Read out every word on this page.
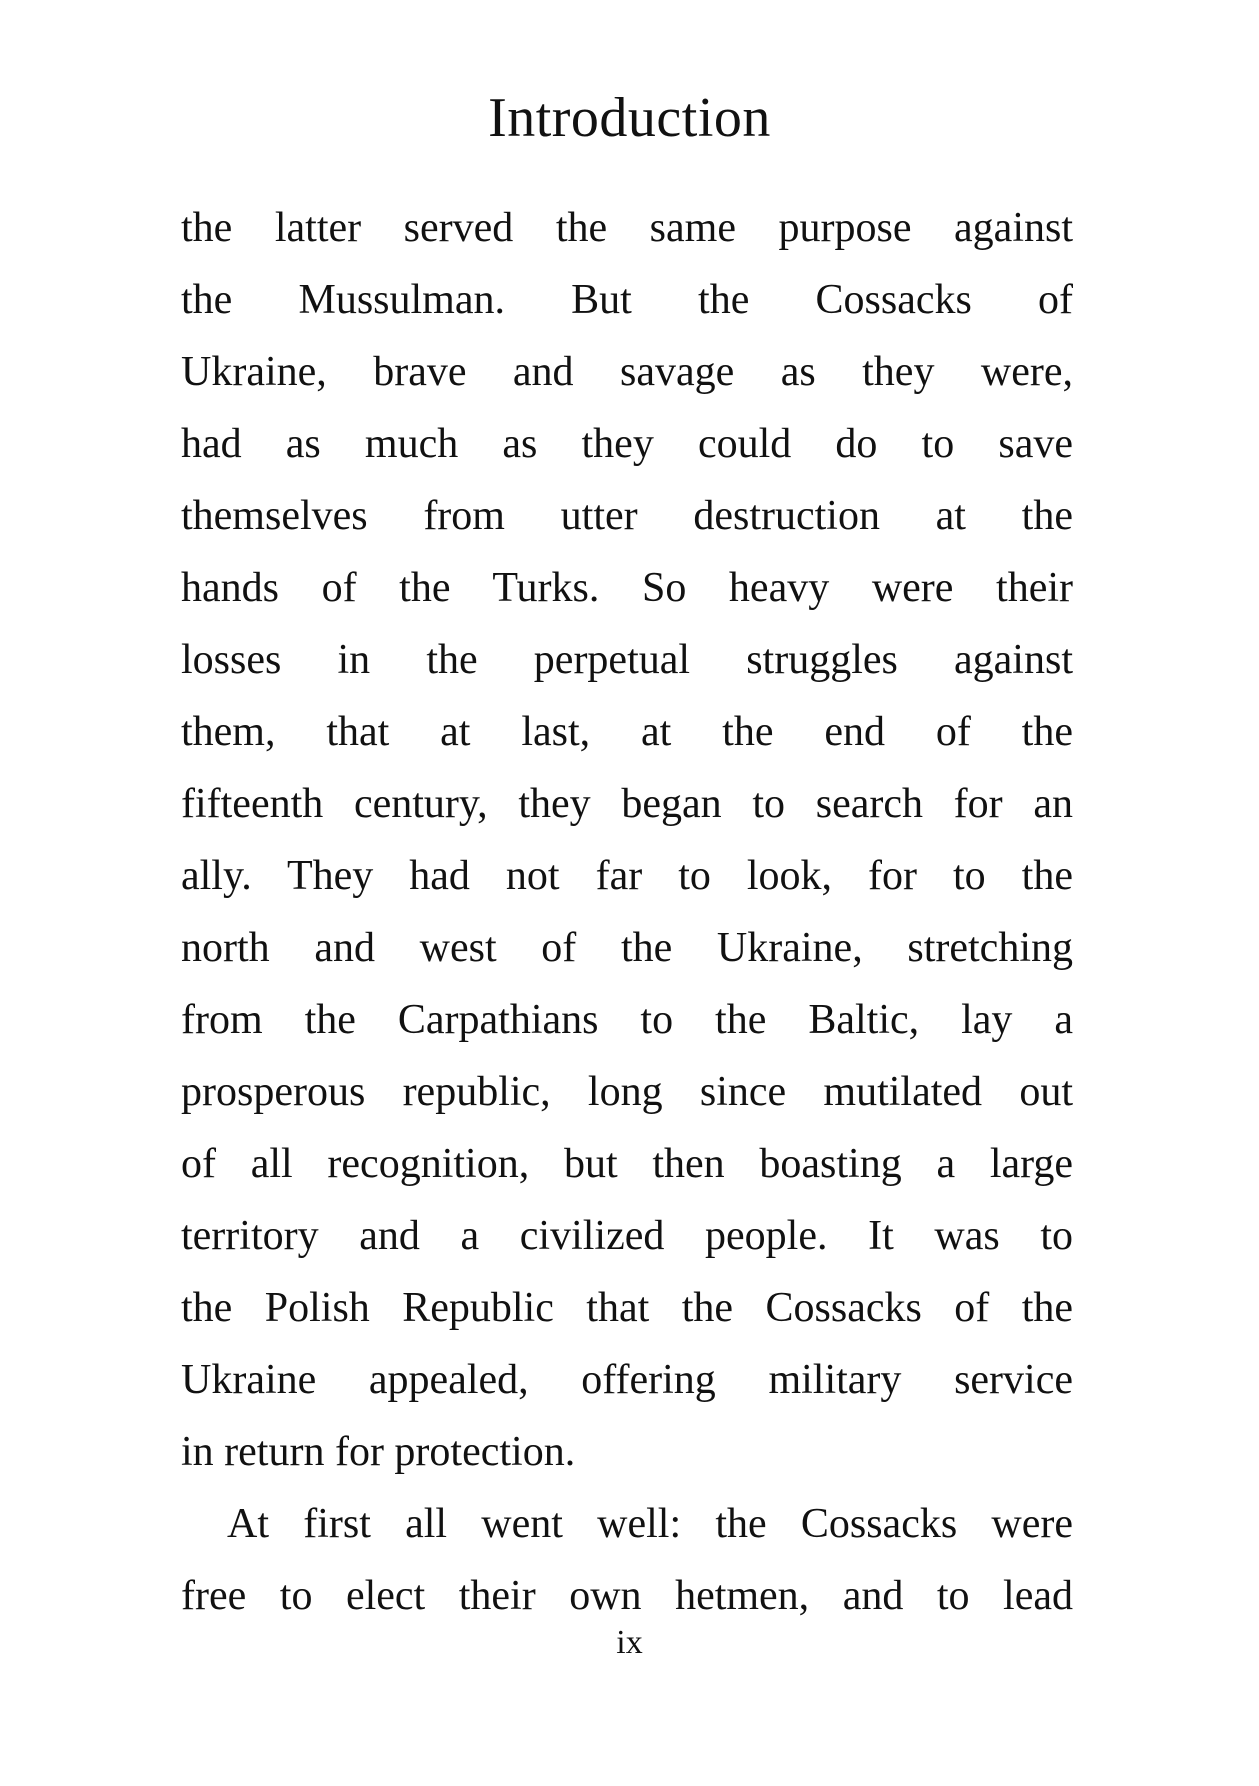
Introduction
the latter served the same purpose against
the Mussulman. But the Cossacks of
Ukraine, brave and savage as they were,
had as much as they could do to save
themselves from utter destruction at the
hands of the Turks. So heavy were their
losses in the perpetual struggles against
them, that at last, at the end of the
fifteenth century, they began to search for an
ally. They had not far to look, for to the
north and west of the Ukraine, stretching
from the Carpathians to the Baltic, lay a
prosperous republic, long since mutilated out
of all recognition, but then boasting a large
territory and a civilized people. It was to
the Polish Republic that the Cossacks of the
Ukraine appealed, offering military service
in return for protection.
At first all went well: the Cossacks were
free to elect their own hetmen, and to lead
ix
